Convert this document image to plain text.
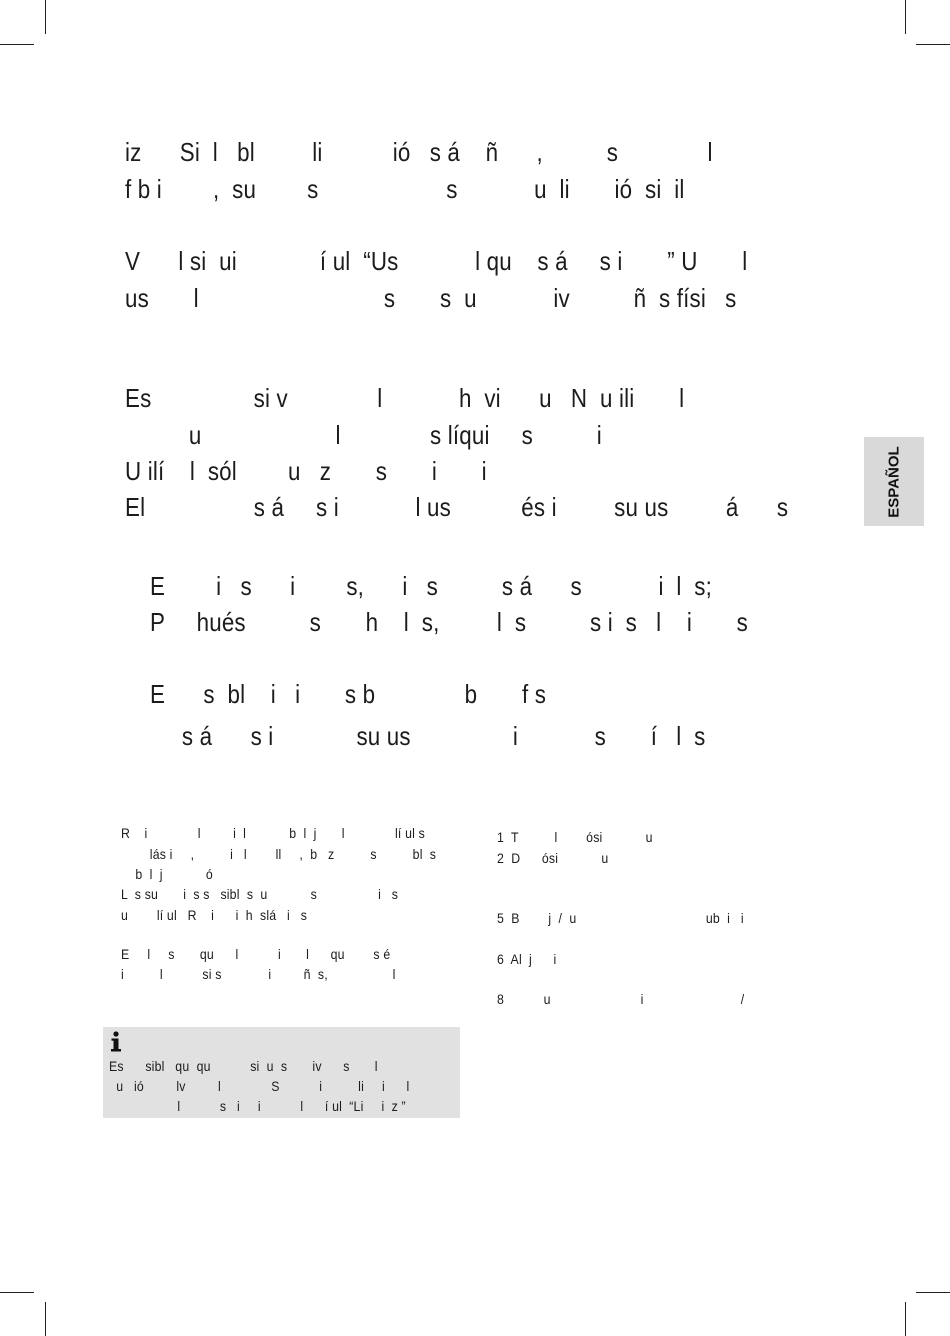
ESPAÑOL
iz      Si  l   bl         li           ió   s á    ñ      ,          s              l
f b i        ,  su        s                    s            u  li       ió  si  il
V      l si  ui             í ul  “Us            l qu    s á     s i       ” U       l
us       l                             s       s  u            iv          ñ  s físi   s
Es                si v              l            h  vi      u   N  u ili       l
u                     l              s líqui     s          i
U ilí    l  sól        u   z       s       i       i
El                 s á     s i            l us           és i         su us         á      s
E        i   s      i        s,      i   s          s á      s            i  l  s;
P     hués          s       h    l  s,         l  s          s i  s   l    i       s
E      s  bl    i   i       s b              b       f s
s á      s i             su us                i            s       í   l  s
R    i              l         i  l            b  l  j       l              lí ul s
lás i     ,          i   l        ll     ,  b   z          s          bl  s
b  l  j            ó
L  s su       i  s s   sibl  s  u            s                 i   s
u        lí ul   R    i      i  h  slá   i   s
E     l     s       qu      l           i       l      qu        s é
i          l           si s             i         ñ  s,                  l
1  T          l        ósi            u
2  D      ósi            u
5  B        j  /  u                                    ub  i   i
6  Al  j      i
8           u                         i                           /
Es      sibl   qu  qu           si  u  s       iv      s       l
u   ió         lv         l              S           i          li     i      l
l           s   i     i           l      í ul  “Li     i  z ”
